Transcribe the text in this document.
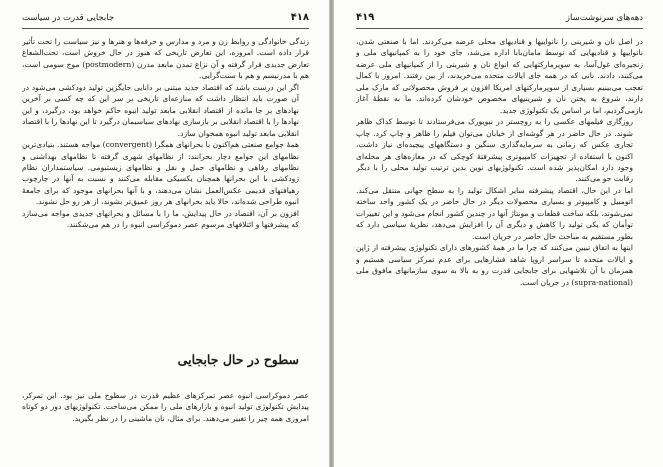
۴۱۸
جابجایی قدرت در سیاست

زندگی خانوادگی و روابط زن و مرد و مدارس و حرفه‌ها و هنرها و نیز سیاست را تحت تأثیر قرار داده است. امروزه، این تعارض تاریخی که هنوز در حال خروش است، تحت‌الشعاع تعارض جدیدی قرار گرفته و آن نزاع تمدن مابعد مدرن (postmodern) موج سومی است، هم با مدرنیسم و هم با سنت‌گرایی.

اگر این درست باشد که اقتصاد جدید مبتنی بر دانایی جایگزین تولید دودکشی می‌شود در آن صورت باید انتظار داشت که منازعه‌ای تاریخی بر سر این که چه کسی بر آخرین نهادهای بر جا مانده از اقتصاد انقلابی مابعد تولید انبوه حاکم خواهد بود، درگیرد، و این نهادها را با اقتصاد انقلابی بر بازسازی نهادهای سیاسیمان درگیرد تا این نهادها را با اقتصاد انقلابی مابعد تولید انبوه همخوان سازد.

همهٔ جوامع صنعتی هم‌اکنون با بحرانهای همگرا (convergent) مواجه هستند. بنیادی‌ترین نظامهای این جوامع دچار بحرانند: از نظامهای شهری گرفته تا نظامهای بهداشتی و نظامهای رفاهی و نظامهای حمل و نقل و نظامهای زیستبومی. سیاستمداران نظام زودکشی با این بحرانها همچنان یکسیکی مقابله می‌کنند و نسبت به آنها در چارچوب رهیافتهای قدیمی عکس‌العمل نشان می‌دهند، و با آنها بحرانهای موجود که برای جامعهٔ انبوه طراحی شده‌اند، حالا باید بحرانهای هر روز عمیق‌تر بشوند، از هر رو حل نشوند.

افزون بر آن، اقتصاد در حال پیدایش، ما را با مسائل و بحرانهای جدیدی مواجه می‌سازد که پیشرفتها و ائتلافهای مرسوم عصر دموکراسی انبوه را در هم می‌شکنند.

سطوح در حال جابجایی

عصر دموکراسی انبوه عصر تمرکزهای عظیم قدرت در سطوح ملی نیز بود. این تمرکز، پیدایش تکنولوژی تولید انبوه و بازارهای ملی را ممکن می‌ساخت. تکنولوژیهای دور دو کوتاه امروزی همه چیز را تغییر می‌دهند. برای مثال، نان ماشینی را در نظر بگیرید.

دهه‌های سرنوشت‌ساز
۴۱۹

در اصل نان و شیرینی را نانواییها و قنادیهای محلی عرضه می‌کردند. اما با صنعتی شدن، نانواییها و قنادیهایی که توسط مامان‌بابا اداره می‌شد، جای خود را به کمپانیهای ملی و زنجیره‌ای غول‌آسا، به سوپرمارکتهایی که انواع نان و شیرینی را از کمپانیهای ملی عرضه می‌کنند، دادند. نانی که در همه جای ایالات متحده می‌خریدند، از بین رفتند. امروز با کمال تعجب می‌بینیم بسیاری از سوپرمارکتهای امریکا افزون بر فروش محصولاتی که مارک ملی دارند، شروع به پختن نان و شیرینیهای مخصوص خودشان کرده‌اند. ما به نقطهٔ آغاز بازمی‌گردیم، اما بر اساس یک تکنولوژی جدید.

روزگاری فیلمهای عکسی را به روچستر در نیویورک می‌فرستادند تا توسط کداک ظاهر شوند. در حال حاضر در هر گوشه‌ای از خیابان می‌توان فیلم را ظاهر و چاپ کرد. چاپ تجاری عکس که زمانی به سرمایه‌گذاری سنگین و دستگاههای پیچیده‌ای نیاز داشت، اکنون با استفاده از تجهیزات کامپیوتری پیشرفتهٔ کوچکی که در مغازه‌های هر محله‌ای وجود دارد امکان‌پذیر شده است. تکنولوژیهای نوین بدین ترتیب تولید محلی را با دیگر رقابت جو می‌کنند.

اما در این حال، اقتصاد پیشرفته سایر اشکال تولید را به سطح جهانی منتقل می‌کند. اتومبیل و کامپیوتر و بسیاری محصولات دیگر در حال حاضر در یک کشور واحد ساخته نمی‌شوند، بلکه ساخت قطعات و مونتاژ آنها در چندین کشور انجام می‌شود و این تغییرات توأمان که یکی تولید را کاهش و دیگری آن را افزایش می‌دهد، نظریهٔ سیاسی دارد که بطور مستقیم به مباحث حال حاضر در جریان است.

اینها به اتفاق تبیین می‌کنند که چرا ما در همهٔ کشورهای دارای تکنولوژی پیشرفته از ژاپن و ایالات متحده تا سراسر اروپا شاهد فشارهایی برای عدم تمرکز سیاسی هستیم و همزمان با آن تلاشهایی برای جابجایی قدرت رو به بالا به سوی سازمانهای مافوق ملی (supra-national) در جریان است.
